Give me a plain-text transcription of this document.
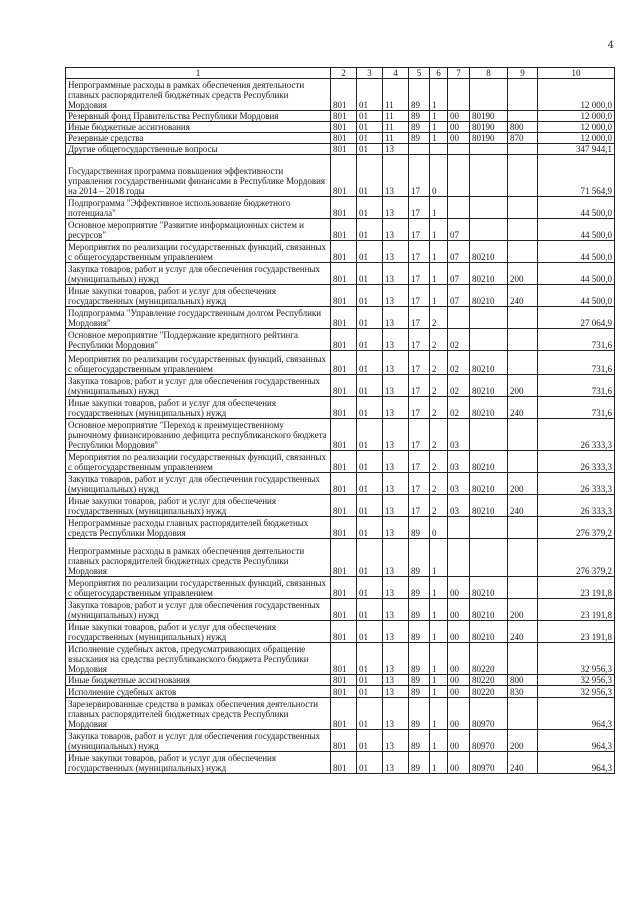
4
1	2	3	4	5	6	7	8	9	10
Непрограммные расходы в рамках обеспечения деятельности главных распорядителей бюджетных средств Республики Мордовия	801	01	11	89	1				12 000,0
Резервный фонд Правительства Республики Мордовия	801	01	11	89	1	00	80190		12 000,0
Иные бюджетные ассигнования	801	01	11	89	1	00	80190	800	12 000,0
Резервные средства	801	01	11	89	1	00	80190	870	12 000,0
Другие общегосударственные вопросы	801	01	13						347 944,1
Государственная программа повышения эффективности управления государственными финансами в Республике Мордовия на 2014 – 2018 годы	801	01	13	17	0				71 564,9
Подпрограмма "Эффективное использование бюджетного потенциала"	801	01	13	17	1				44 500,0
Основное мероприятие "Развитие информационных систем и ресурсов"	801	01	13	17	1	07			44 500,0
Мероприятия по реализации государственных функций, связанных с общегосударственным управлением	801	01	13	17	1	07	80210		44 500,0
Закупка товаров, работ и услуг для обеспечения государственных (муниципальных) нужд	801	01	13	17	1	07	80210	200	44 500,0
Иные закупки товаров, работ и услуг для обеспечения государственных (муниципальных) нужд	801	01	13	17	1	07	80210	240	44 500,0
Подпрограмма "Управление государственным долгом Республики Мордовия"	801	01	13	17	2				27 064,9
Основное мероприятие "Поддержание кредитного рейтинга Республики Мордовия"	801	01	13	17	2	02			731,6
Мероприятия по реализации государственных функций, связанных с общегосударственным управлением	801	01	13	17	2	02	80210		731,6
Закупка товаров, работ и услуг для обеспечения государственных (муниципальных) нужд	801	01	13	17	2	02	80210	200	731,6
Иные закупки товаров, работ и услуг для обеспечения государственных (муниципальных) нужд	801	01	13	17	2	02	80210	240	731,6
Основное мероприятие "Переход к преимущественному рыночному финансированию дефицита республиканского бюджета Республики Мордовия"	801	01	13	17	2	03			26 333,3
Мероприятия по реализации государственных функций, связанных с общегосударственным управлением	801	01	13	17	2	03	80210		26 333,3
Закупка товаров, работ и услуг для обеспечения государственных (муниципальных) нужд	801	01	13	17	2	03	80210	200	26 333,3
Иные закупки товаров, работ и услуг для обеспечения государственных (муниципальных) нужд	801	01	13	17	2	03	80210	240	26 333,3
Непрограммные расходы главных распорядителей бюджетных средств Республики Мордовия	801	01	13	89	0				276 379,2
Непрограммные расходы в рамках обеспечения деятельности главных распорядителей бюджетных средств Республики Мордовия	801	01	13	89	1				276 379,2
Мероприятия по реализации государственных функций, связанных с общегосударственным управлением	801	01	13	89	1	00	80210		23 191,8
Закупка товаров, работ и услуг для обеспечения государственных (муниципальных) нужд	801	01	13	89	1	00	80210	200	23 191,8
Иные закупки товаров, работ и услуг для обеспечения государственных (муниципальных) нужд	801	01	13	89	1	00	80210	240	23 191,8
Исполнение судебных актов, предусматривающих обращение взыскания на средства республиканского бюджета Республики Мордовия	801	01	13	89	1	00	80220		32 956,3
Иные бюджетные ассигнования	801	01	13	89	1	00	80220	800	32 956,3
Исполнение судебных актов	801	01	13	89	1	00	80220	830	32 956,3
Зарезервированные средства в рамках обеспечения деятельности главных распорядителей бюджетных средств Республики Мордовия	801	01	13	89	1	00	80970		964,3
Закупка товаров, работ и услуг для обеспечения государственных (муниципальных) нужд	801	01	13	89	1	00	80970	200	964,3
Иные закупки товаров, работ и услуг для обеспечения государственных (муниципальных) нужд	801	01	13	89	1	00	80970	240	964,3
